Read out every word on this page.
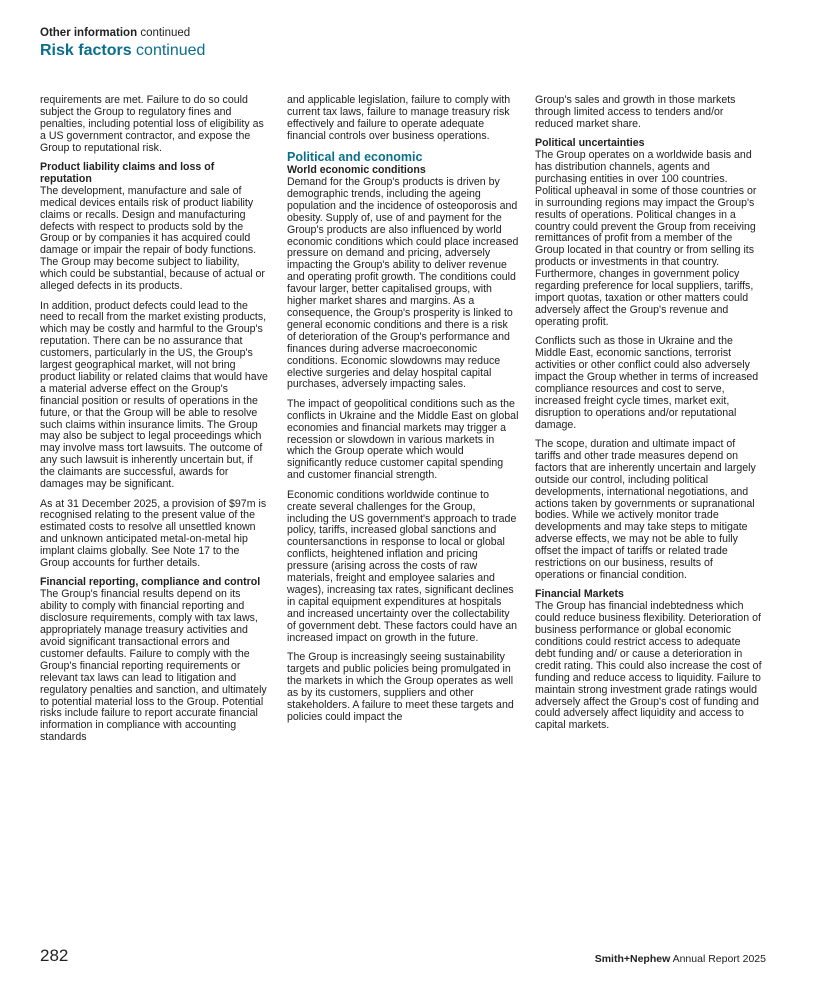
Other information continued
Risk factors continued

requirements are met. Failure to do so could subject the Group to regulatory fines and penalties, including potential loss of eligibility as a US government contractor, and expose the Group to reputational risk.

Product liability claims and loss of reputation

The development, manufacture and sale of medical devices entails risk of product liability claims or recalls. Design and manufacturing defects with respect to products sold by the Group or by companies it has acquired could damage or impair the repair of body functions. The Group may become subject to liability, which could be substantial, because of actual or alleged defects in its products.

In addition, product defects could lead to the need to recall from the market existing products, which may be costly and harmful to the Group's reputation. There can be no assurance that customers, particularly in the US, the Group's largest geographical market, will not bring product liability or related claims that would have a material adverse effect on the Group's financial position or results of operations in the future, or that the Group will be able to resolve such claims within insurance limits. The Group may also be subject to legal proceedings which may involve mass tort lawsuits. The outcome of any such lawsuit is inherently uncertain but, if the claimants are successful, awards for damages may be significant.

As at 31 December 2025, a provision of $97m is recognised relating to the present value of the estimated costs to resolve all unsettled known and unknown anticipated metal-on-metal hip implant claims globally. See Note 17 to the Group accounts for further details.

Financial reporting, compliance and control

The Group's financial results depend on its ability to comply with financial reporting and disclosure requirements, comply with tax laws, appropriately manage treasury activities and avoid significant transactional errors and customer defaults. Failure to comply with the Group's financial reporting requirements or relevant tax laws can lead to litigation and regulatory penalties and sanction, and ultimately to potential material loss to the Group. Potential risks include failure to report accurate financial information in compliance with accounting standards

and applicable legislation, failure to comply with current tax laws, failure to manage treasury risk effectively and failure to operate adequate financial controls over business operations.

Political and economic
World economic conditions

Demand for the Group's products is driven by demographic trends, including the ageing population and the incidence of osteoporosis and obesity. Supply of, use of and payment for the Group's products are also influenced by world economic conditions which could place increased pressure on demand and pricing, adversely impacting the Group's ability to deliver revenue and operating profit growth. The conditions could favour larger, better capitalised groups, with higher market shares and margins. As a consequence, the Group's prosperity is linked to general economic conditions and there is a risk of deterioration of the Group's performance and finances during adverse macroeconomic conditions. Economic slowdowns may reduce elective surgeries and delay hospital capital purchases, adversely impacting sales.

The impact of geopolitical conditions such as the conflicts in Ukraine and the Middle East on global economies and financial markets may trigger a recession or slowdown in various markets in which the Group operate which would significantly reduce customer capital spending and customer financial strength.

Economic conditions worldwide continue to create several challenges for the Group, including the US government's approach to trade policy, tariffs, increased global sanctions and countersanctions in response to local or global conflicts, heightened inflation and pricing pressure (arising across the costs of raw materials, freight and employee salaries and wages), increasing tax rates, significant declines in capital equipment expenditures at hospitals and increased uncertainty over the collectability of government debt. These factors could have an increased impact on growth in the future.

The Group is increasingly seeing sustainability targets and public policies being promulgated in the markets in which the Group operates as well as by its customers, suppliers and other stakeholders. A failure to meet these targets and policies could impact the

Group's sales and growth in those markets through limited access to tenders and/or reduced market share.

Political uncertainties

The Group operates on a worldwide basis and has distribution channels, agents and purchasing entities in over 100 countries. Political upheaval in some of those countries or in surrounding regions may impact the Group's results of operations. Political changes in a country could prevent the Group from receiving remittances of profit from a member of the Group located in that country or from selling its products or investments in that country. Furthermore, changes in government policy regarding preference for local suppliers, tariffs, import quotas, taxation or other matters could adversely affect the Group's revenue and operating profit.

Conflicts such as those in Ukraine and the Middle East, economic sanctions, terrorist activities or other conflict could also adversely impact the Group whether in terms of increased compliance resources and cost to serve, increased freight cycle times, market exit, disruption to operations and/or reputational damage.

The scope, duration and ultimate impact of tariffs and other trade measures depend on factors that are inherently uncertain and largely outside our control, including political developments, international negotiations, and actions taken by governments or supranational bodies. While we actively monitor trade developments and may take steps to mitigate adverse effects, we may not be able to fully offset the impact of tariffs or related trade restrictions on our business, results of operations or financial condition.

Financial Markets

The Group has financial indebtedness which could reduce business flexibility. Deterioration of business performance or global economic conditions could restrict access to adequate debt funding and/ or cause a deterioration in credit rating. This could also increase the cost of funding and reduce access to liquidity. Failure to maintain strong investment grade ratings would adversely affect the Group's cost of funding and could adversely affect liquidity and access to capital markets.

282	Smith+Nephew Annual Report 2025
